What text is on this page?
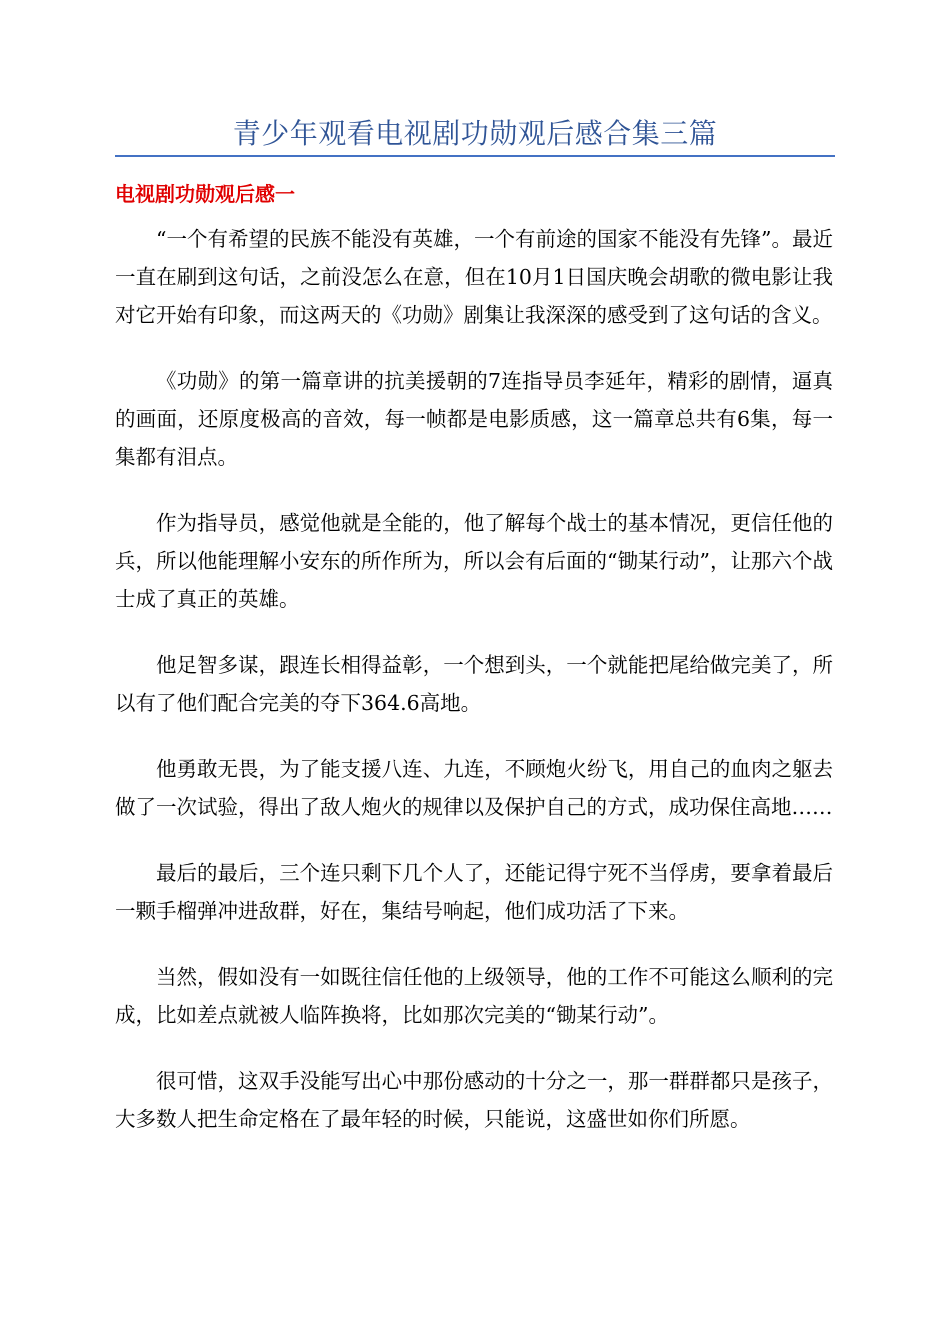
青少年观看电视剧功勋观后感合集三篇
电视剧功勋观后感一

“一个有希望的民族不能没有英雄，一个有前途的国家不能没有先锋”。最近一直在刷到这句话，之前没怎么在意，但在10月1日国庆晚会胡歌的微电影让我对它开始有印象，而这两天的《功勋》剧集让我深深的感受到了这句话的含义。

《功勋》的第一篇章讲的抗美援朝的7连指导员李延年，精彩的剧情，逼真的画面，还原度极高的音效，每一帧都是电影质感，这一篇章总共有6集，每一集都有泪点。

作为指导员，感觉他就是全能的，他了解每个战士的基本情况，更信任他的兵，所以他能理解小安东的所作所为，所以会有后面的“锄某行动”，让那六个战士成了真正的英雄。

他足智多谋，跟连长相得益彰，一个想到头，一个就能把尾给做完美了，所以有了他们配合完美的夺下364.6高地。

他勇敢无畏，为了能支援八连、九连，不顾炮火纷飞，用自己的血肉之躯去做了一次试验，得出了敌人炮火的规律以及保护自己的方式，成功保住高地……

最后的最后，三个连只剩下几个人了，还能记得宁死不当俘虏，要拿着最后一颗手榴弹冲进敌群，好在，集结号响起，他们成功活了下来。

当然，假如没有一如既往信任他的上级领导，他的工作不可能这么顺利的完成，比如差点就被人临阵换将，比如那次完美的“锄某行动”。

很可惜，这双手没能写出心中那份感动的十分之一，那一群群都只是孩子，大多数人把生命定格在了最年轻的时候，只能说，这盛世如你们所愿。
